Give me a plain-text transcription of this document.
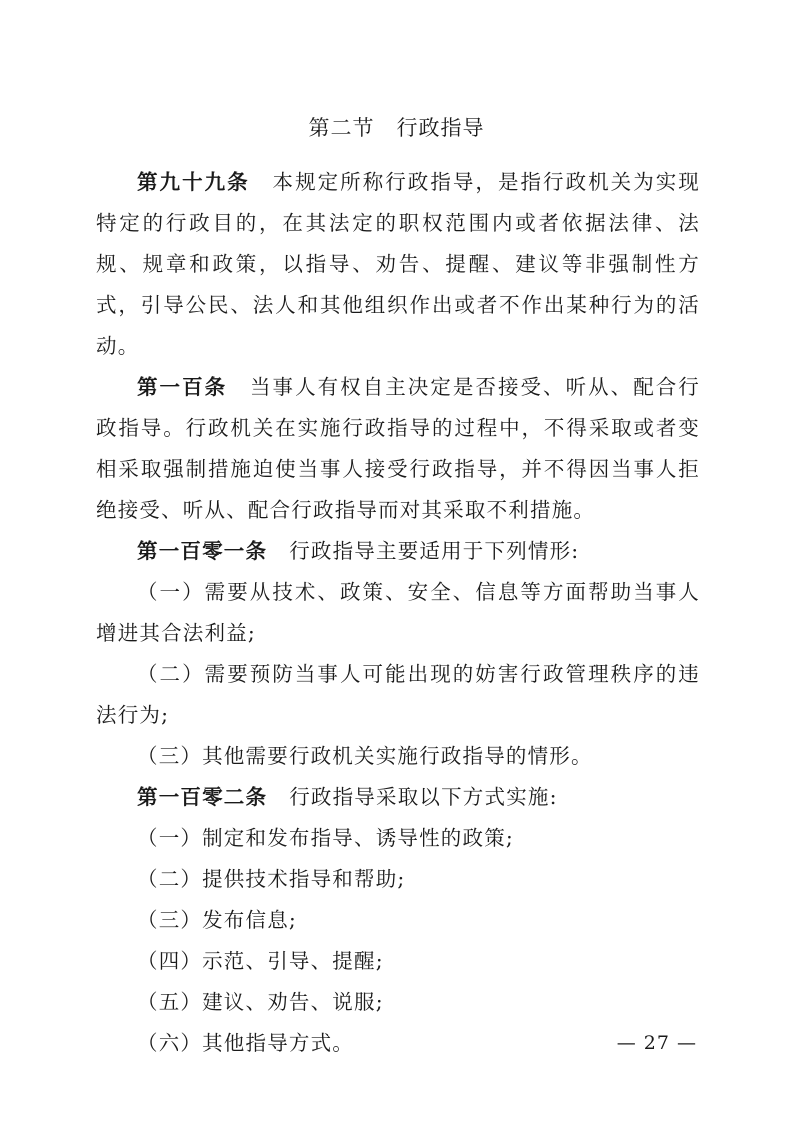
第二节 行政指导

第九十九条 本规定所称行政指导，是指行政机关为实现特定的行政目的，在其法定的职权范围内或者依据法律、法规、规章和政策，以指导、劝告、提醒、建议等非强制性方式，引导公民、法人和其他组织作出或者不作出某种行为的活动。

第一百条 当事人有权自主决定是否接受、听从、配合行政指导。行政机关在实施行政指导的过程中，不得采取或者变相采取强制措施迫使当事人接受行政指导，并不得因当事人拒绝接受、听从、配合行政指导而对其采取不利措施。

第一百零一条 行政指导主要适用于下列情形:

（一）需要从技术、政策、安全、信息等方面帮助当事人增进其合法利益;

（二）需要预防当事人可能出现的妨害行政管理秩序的违法行为;

（三）其他需要行政机关实施行政指导的情形。

第一百零二条 行政指导采取以下方式实施:

（一）制定和发布指导、诱导性的政策;

（二）提供技术指导和帮助;

（三）发布信息;

（四）示范、引导、提醒;

（五）建议、劝告、说服;

（六）其他指导方式。	— 27 —
